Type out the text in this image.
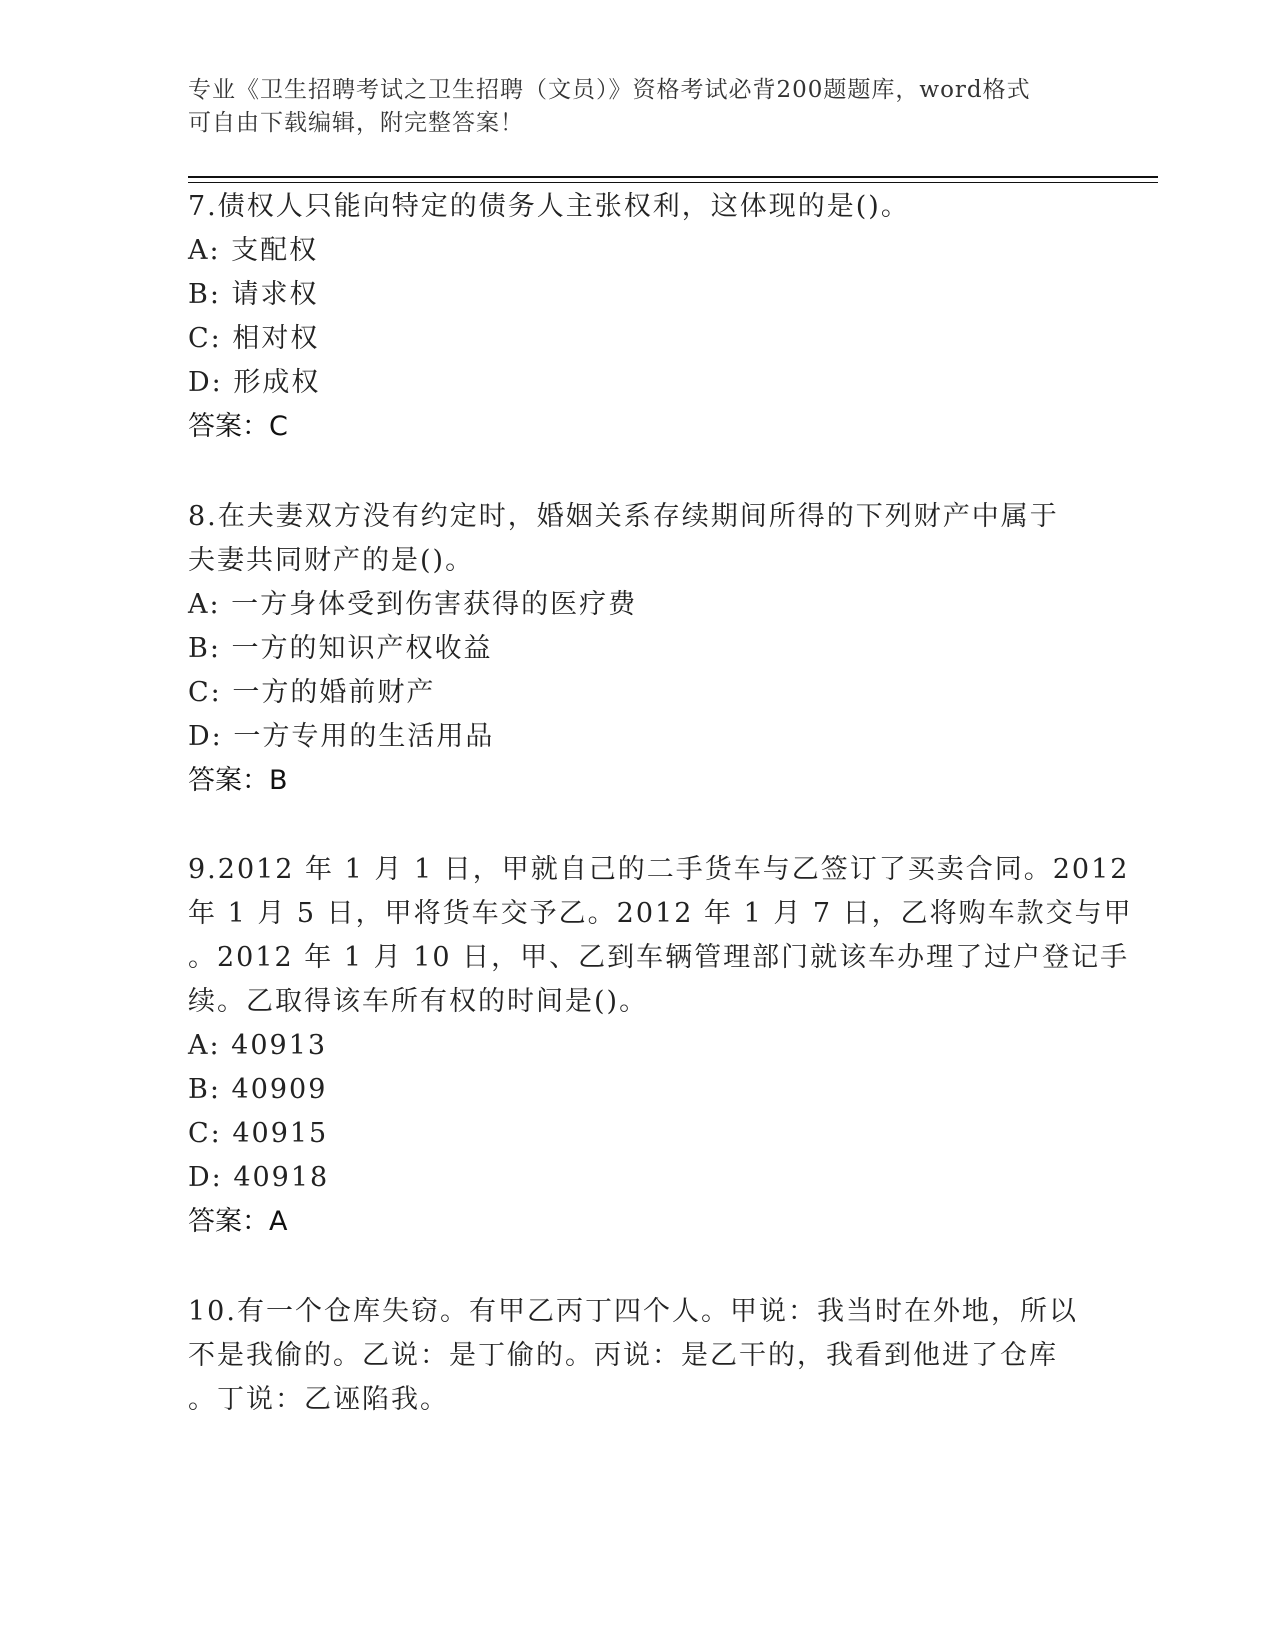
专业《卫生招聘考试之卫生招聘（文员）》资格考试必背200题题库，word格式
可自由下载编辑，附完整答案！
7.债权人只能向特定的债务人主张权利，这体现的是()。
A: 支配权
B: 请求权
C: 相对权
D: 形成权
答案：C
8.在夫妻双方没有约定时，婚姻关系存续期间所得的下列财产中属于
夫妻共同财产的是()。
A: 一方身体受到伤害获得的医疗费
B: 一方的知识产权收益
C: 一方的婚前财产
D: 一方专用的生活用品
答案：B
9.2012 年 1 月 1 日，甲就自己的二手货车与乙签订了买卖合同。2012
年 1 月 5 日，甲将货车交予乙。2012 年 1 月 7 日，乙将购车款交与甲
。2012 年 1 月 10 日，甲、乙到车辆管理部门就该车办理了过户登记手
续。乙取得该车所有权的时间是()。
A: 40913
B: 40909
C: 40915
D: 40918
答案：A
10.有一个仓库失窃。有甲乙丙丁四个人。甲说：我当时在外地，所以
不是我偷的。乙说：是丁偷的。丙说：是乙干的，我看到他进了仓库
。丁说：乙诬陷我。
